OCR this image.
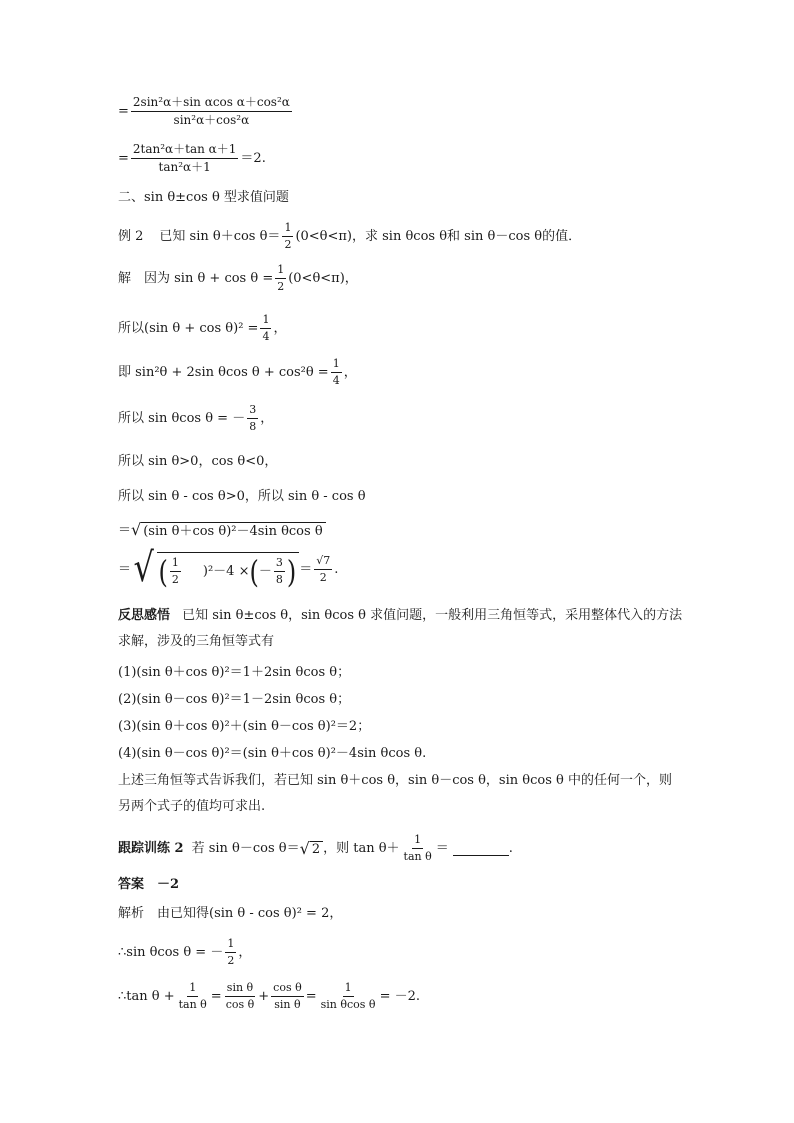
= $\frac{\text{2sin²α＋sin αcos α＋cos²α}}{\text{sin²α＋cos²α}}$
= $\frac{\text{2tan²α＋tan α＋1}}{\text{tan²α＋1}} =2$.
二、sin θ±cos θ 型求值问题
例 2 已知 sin θ＋cos $\theta= \frac{1}{2} (0<\theta<\pi)$，求 sin θcos θ和 sin θ－cos θ的值．
解　因为 $\sin \theta + \cos \theta = \frac{1}{2} (0<\theta<\pi)$，
所以(sin $\theta + \cos \theta)^2 = \frac{1}{4}$ ，
即 sin²θ + 2sin θcos $\theta + \cos^2\theta = \frac{1}{4}$ ，
所以 sin θcos θ = － $\frac{3}{8}$ ，
所以 sin θ>0，cos θ<0，
所以 sin θ - cos θ>0，所以 sin θ - cos θ
＝ √ (sin θ＋cos θ)²－4sin θcos θ
＝ √ ( $\frac{1}{2} )^2-4$ × ( － $\frac{3}{8}$ ) ＝ $\frac{√7}{2}$ .
反思感悟 已知 sin θ±cos θ，sin θcos θ 求值问题，一般利用三角恒等式，采用整体代入的方法求解，涉及的三角恒等式有
(1)(sin θ＋cos θ)²＝1＋2sin θcos θ；
(2)(sin θ－cos θ)²＝1－2sin θcos θ；
(3)(sin θ＋cos θ)²＋(sin θ－cos θ)²＝2；
(4)(sin θ－cos θ)²＝(sin θ＋cos θ)²－4sin θcos θ.
上述三角恒等式告诉我们，若已知 sin θ＋cos θ，sin θ－cos θ，sin θcos θ 中的任何一个，则另两个式子的值均可求出.
跟踪训练 2 若 sin θ－cos θ＝ √ 2 ，则 $\tan \theta+ \frac{1}{\text{tan θ}}$ ＝	.
答案　－2
解析　由已知得(sin θ - cos θ)² = 2，
∴sin θcos θ = － $\frac{1}{2}$ ，
∴tan $\theta + \frac{1}{\text{tan θ}} = \frac{\text{sin θ}}{\text{cos θ}} + \frac{\text{cos θ}}{\text{sin θ}} = \frac{1}{\text{sin θcos θ}} = -2$.
